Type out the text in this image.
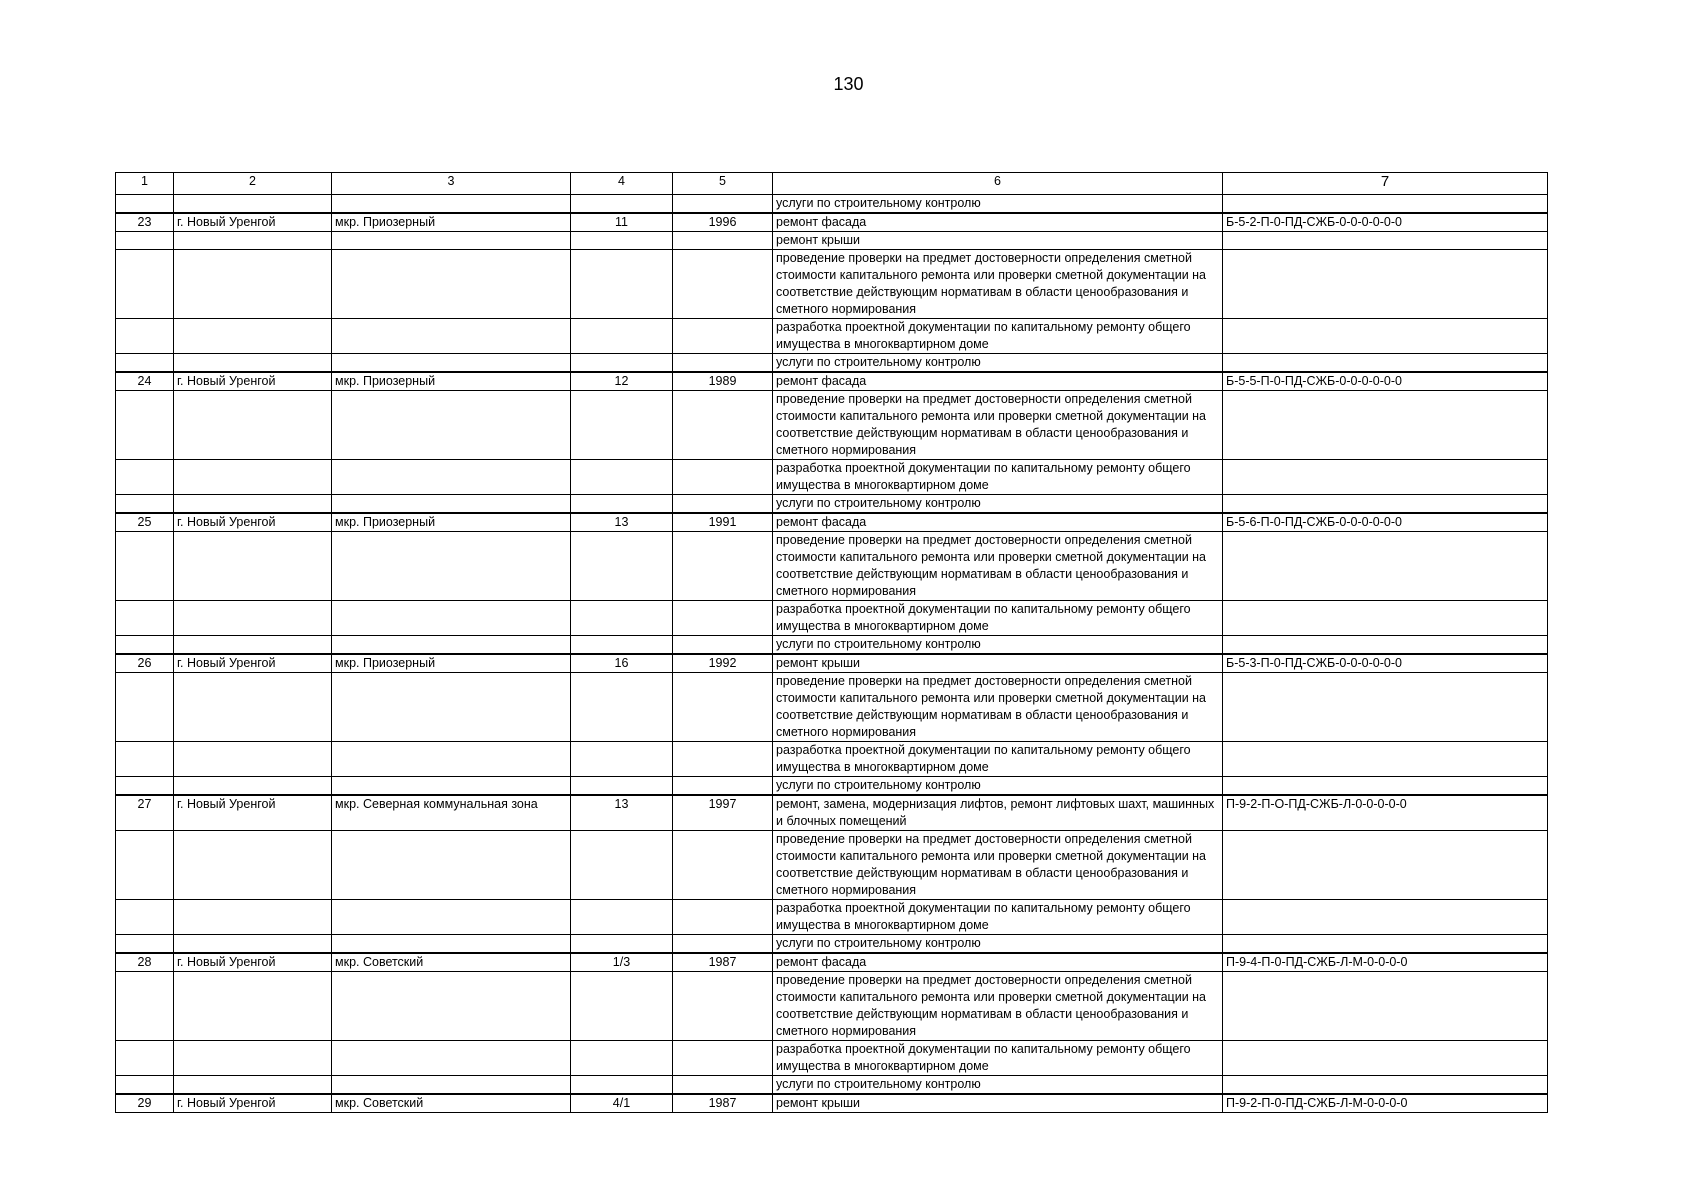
130
1	2	3	4	5	6	7
					услуги по строительному контролю	
23	г. Новый Уренгой	мкр. Приозерный	11	1996	ремонт фасада	Б-5-2-П-0-ПД-СЖБ-0-0-0-0-0-0
					ремонт крыши	
					проведение проверки на предмет достоверности определения сметной стоимости капитального ремонта или проверки сметной документации на соответствие действующим нормативам в области ценообразования и сметного нормирования	
					разработка проектной документации по капитальному ремонту общего имущества в многоквартирном доме	
					услуги по строительному контролю	
24	г. Новый Уренгой	мкр. Приозерный	12	1989	ремонт фасада	Б-5-5-П-0-ПД-СЖБ-0-0-0-0-0-0
					проведение проверки на предмет достоверности определения сметной стоимости капитального ремонта или проверки сметной документации на соответствие действующим нормативам в области ценообразования и сметного нормирования	
					разработка проектной документации по капитальному ремонту общего имущества в многоквартирном доме	
					услуги по строительному контролю	
25	г. Новый Уренгой	мкр. Приозерный	13	1991	ремонт фасада	Б-5-6-П-0-ПД-СЖБ-0-0-0-0-0-0
					проведение проверки на предмет достоверности определения сметной стоимости капитального ремонта или проверки сметной документации на соответствие действующим нормативам в области ценообразования и сметного нормирования	
					разработка проектной документации по капитальному ремонту общего имущества в многоквартирном доме	
					услуги по строительному контролю	
26	г. Новый Уренгой	мкр. Приозерный	16	1992	ремонт крыши	Б-5-3-П-0-ПД-СЖБ-0-0-0-0-0-0
					проведение проверки на предмет достоверности определения сметной стоимости капитального ремонта или проверки сметной документации на соответствие действующим нормативам в области ценообразования и сметного нормирования	
					разработка проектной документации по капитальному ремонту общего имущества в многоквартирном доме	
					услуги по строительному контролю	
27	г. Новый Уренгой	мкр. Северная коммунальная зона	13	1997	ремонт, замена, модернизация лифтов, ремонт лифтовых шахт, машинных и блочных помещений	П-9-2-П-О-ПД-СЖБ-Л-0-0-0-0-0
					проведение проверки на предмет достоверности определения сметной стоимости капитального ремонта или проверки сметной документации на соответствие действующим нормативам в области ценообразования и сметного нормирования	
					разработка проектной документации по капитальному ремонту общего имущества в многоквартирном доме	
					услуги по строительному контролю	
28	г. Новый Уренгой	мкр. Советский	1/3	1987	ремонт фасада	П-9-4-П-0-ПД-СЖБ-Л-М-0-0-0-0
					проведение проверки на предмет достоверности определения сметной стоимости капитального ремонта или проверки сметной документации на соответствие действующим нормативам в области ценообразования и сметного нормирования	
					разработка проектной документации по капитальному ремонту общего имущества в многоквартирном доме	
					услуги по строительному контролю	
29	г. Новый Уренгой	мкр. Советский	4/1	1987	ремонт крыши	П-9-2-П-0-ПД-СЖБ-Л-М-0-0-0-0
